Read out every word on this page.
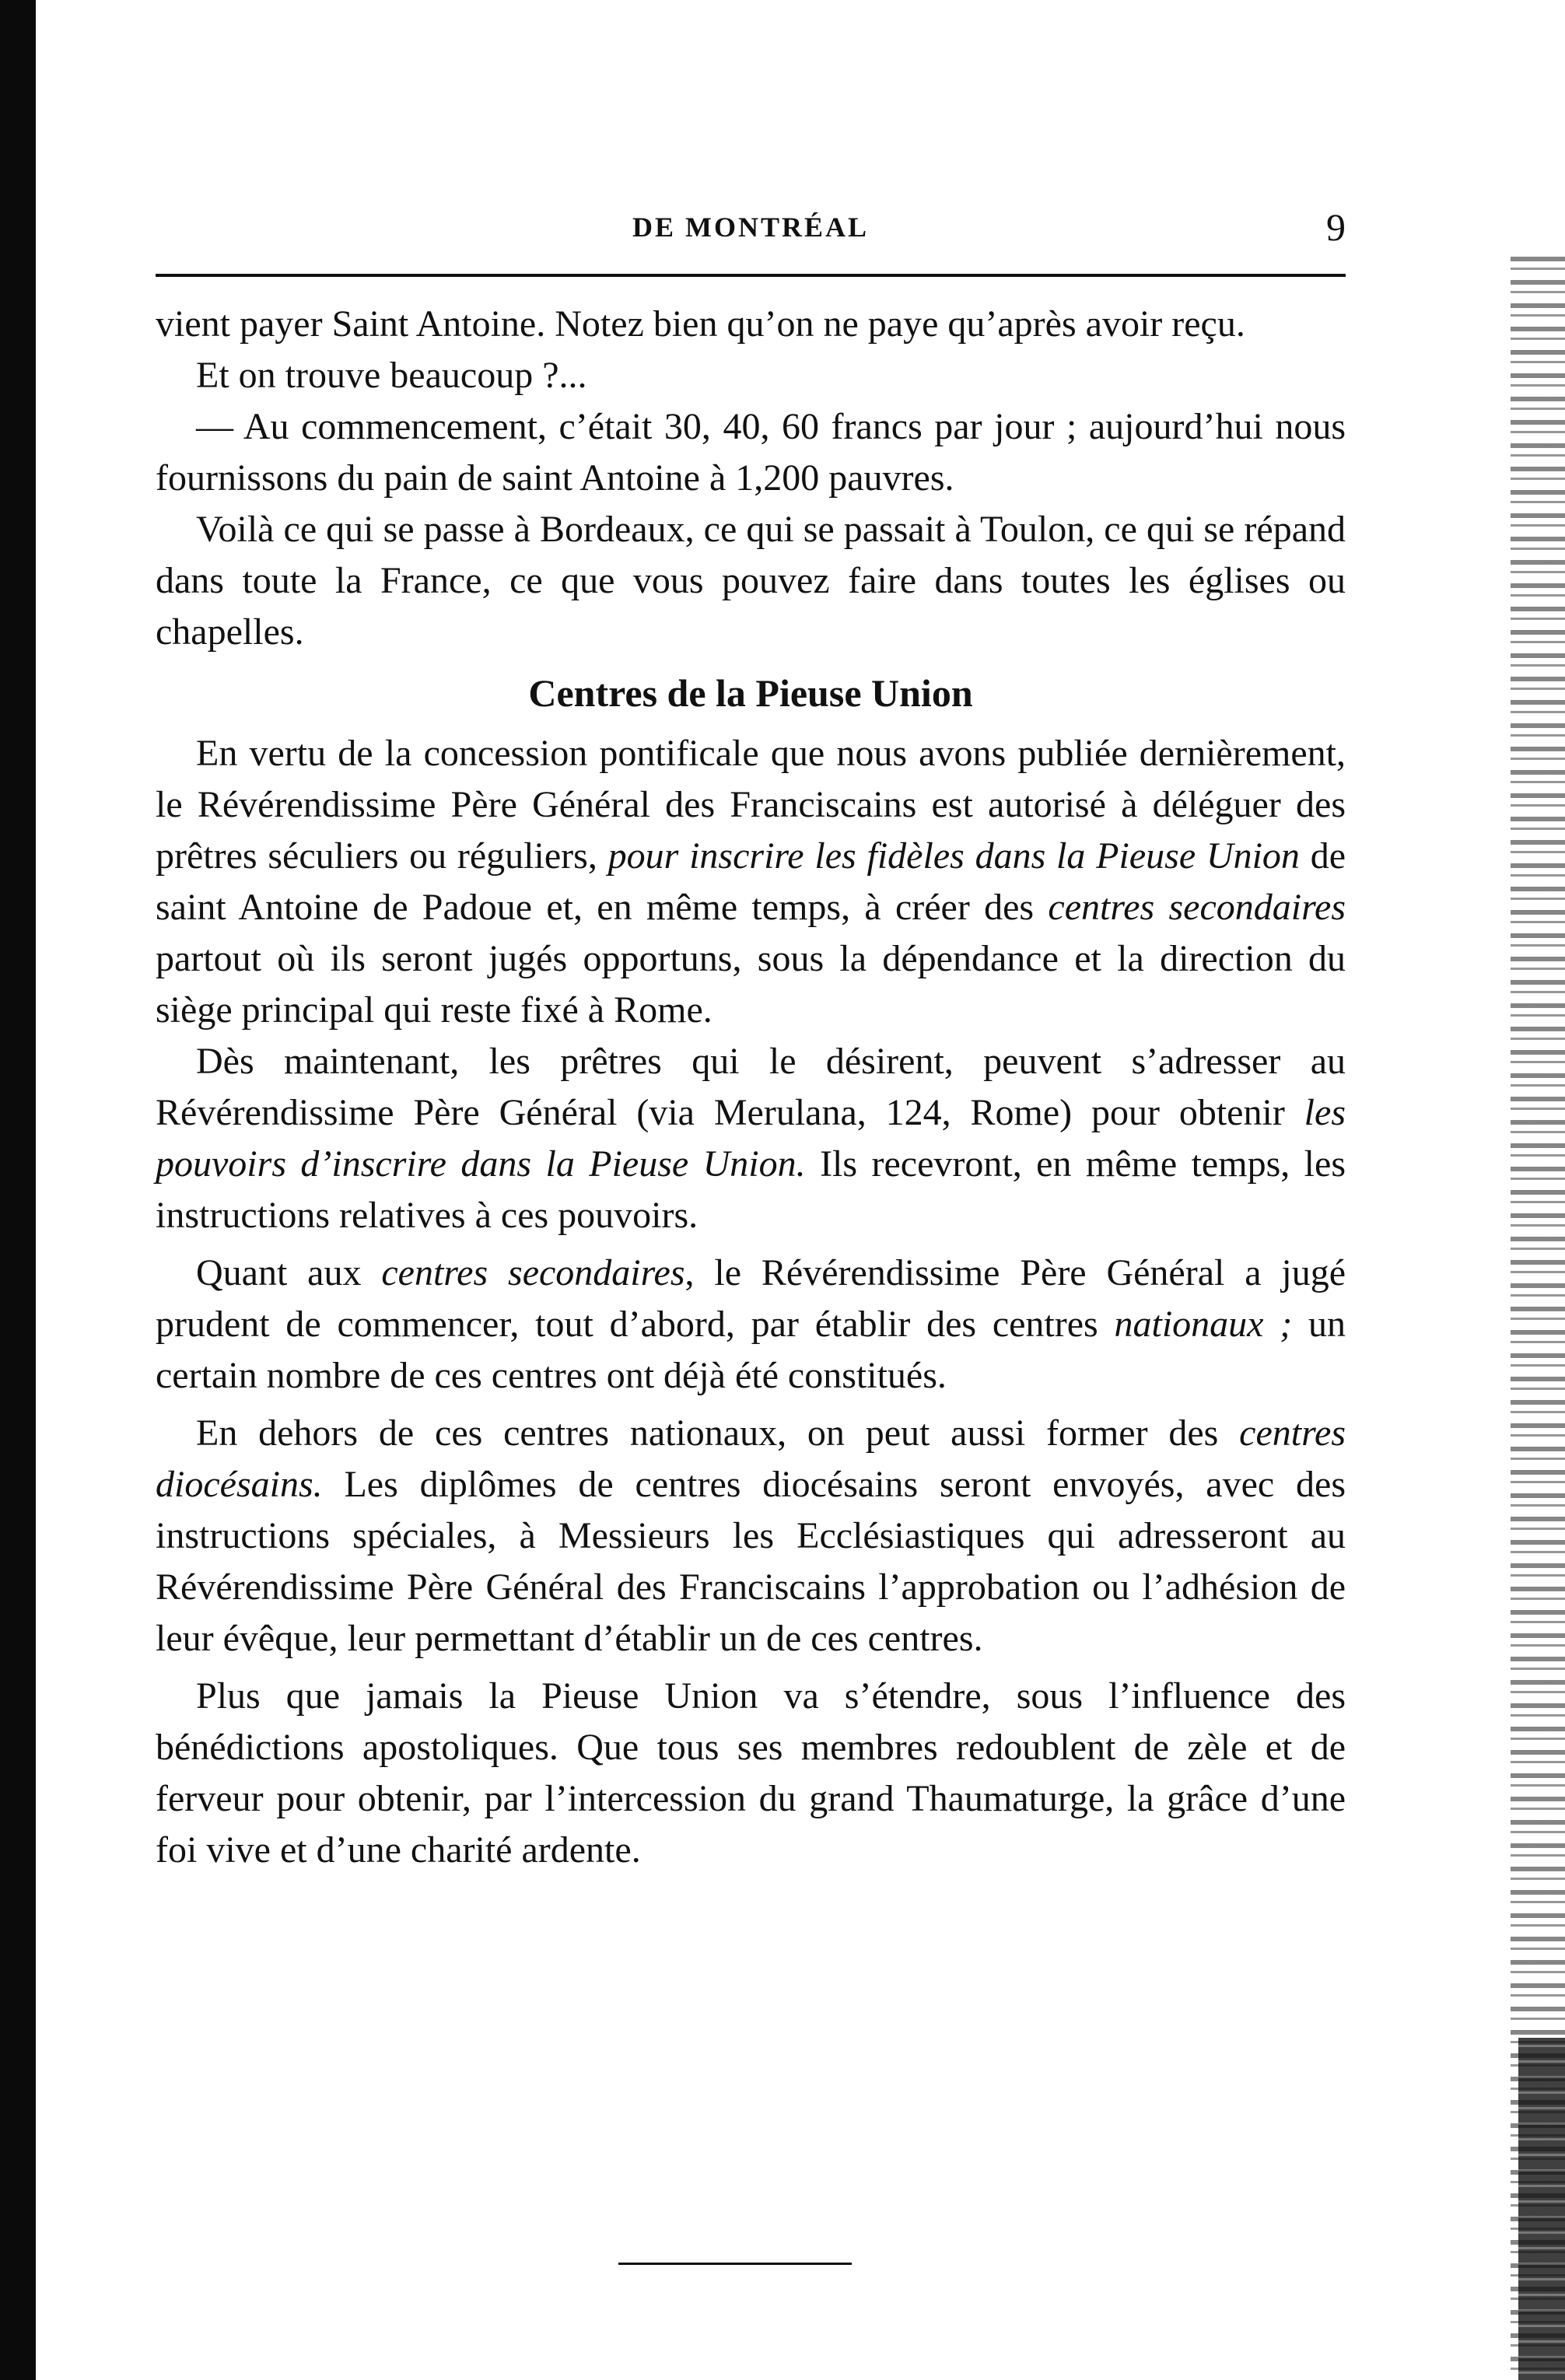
DE MONTRÉAL	9

vient payer Saint Antoine. Notez bien qu’on ne paye qu’après avoir reçu.

Et on trouve beaucoup ?...

— Au commencement, c’était 30, 40, 60 francs par jour ; aujourd’hui nous fournissons du pain de saint Antoine à 1,200 pauvres.

Voilà ce qui se passe à Bordeaux, ce qui se passait à Toulon, ce qui se répand dans toute la France, ce que vous pouvez faire dans toutes les églises ou chapelles.

Centres de la Pieuse Union

En vertu de la concession pontificale que nous avons publiée dernièrement, le Révérendissime Père Général des Franciscains est autorisé à déléguer des prêtres séculiers ou réguliers, pour inscrire les fidèles dans la Pieuse Union de saint Antoine de Padoue et, en même temps, à créer des centres secondaires partout où ils seront jugés opportuns, sous la dépendance et la direction du siège principal qui reste fixé à Rome.

Dès maintenant, les prêtres qui le désirent, peuvent s’adresser au Révérendissime Père Général (via Merulana, 124, Rome) pour obtenir les pouvoirs d’inscrire dans la Pieuse Union. Ils recevront, en même temps, les instructions relatives à ces pouvoirs.

Quant aux centres secondaires, le Révérendissime Père Général a jugé prudent de commencer, tout d’abord, par établir des centres nationaux ; un certain nombre de ces centres ont déjà été constitués.

En dehors de ces centres nationaux, on peut aussi former des centres diocésains. Les diplômes de centres diocésains seront envoyés, avec des instructions spéciales, à Messieurs les Ecclésiastiques qui adresseront au Révérendissime Père Général des Franciscains l’approbation ou l’adhésion de leur évêque, leur permettant d’établir un de ces centres.

Plus que jamais la Pieuse Union va s’étendre, sous l’influence des bénédictions apostoliques. Que tous ses membres redoublent de zèle et de ferveur pour obtenir, par l’intercession du grand Thaumaturge, la grâce d’une foi vive et d’une charité ardente.
